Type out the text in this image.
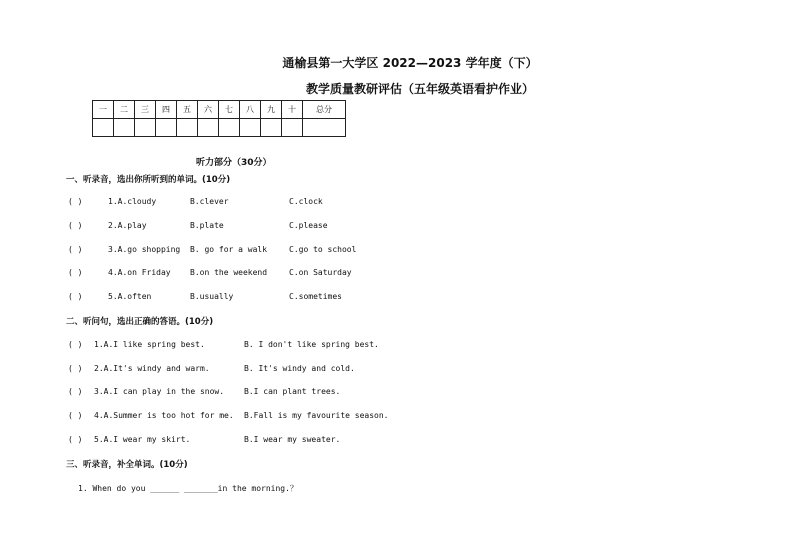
通榆县第一大学区 2022—2023 学年度（下）
教学质量教研评估（五年级英语看护作业）
一	二	三	四	五	六	七	八	九	十	总分

听力部分（30分）
一、听录音，选出你所听到的单词。(10分)
( )	1.A.cloudy	B.clever	C.clock
( )	2.A.play	B.plate	C.please
( )	3.A.go shopping B. go for a walk	C.go to school
( )	4.A.on Friday B.on the weekend	C.on Saturday
( )	5.A.often	B.usually	C.sometimes
二、听问句，选出正确的答语。(10分)
( ) 1.A.I like spring best.	B. I don't like spring best.
( ) 2.A.It's windy and warm.	B. It's windy and cold.
( ) 3.A.I can play in the snow. B.I can plant trees.
( ) 4.A.Summer is too hot for me. B.Fall is my favourite season.
( ) 5.A.I wear my skirt.	B.I wear my sweater.
三、听录音，补全单词。(10分)
1. When do you ______ _______in the morning.？
